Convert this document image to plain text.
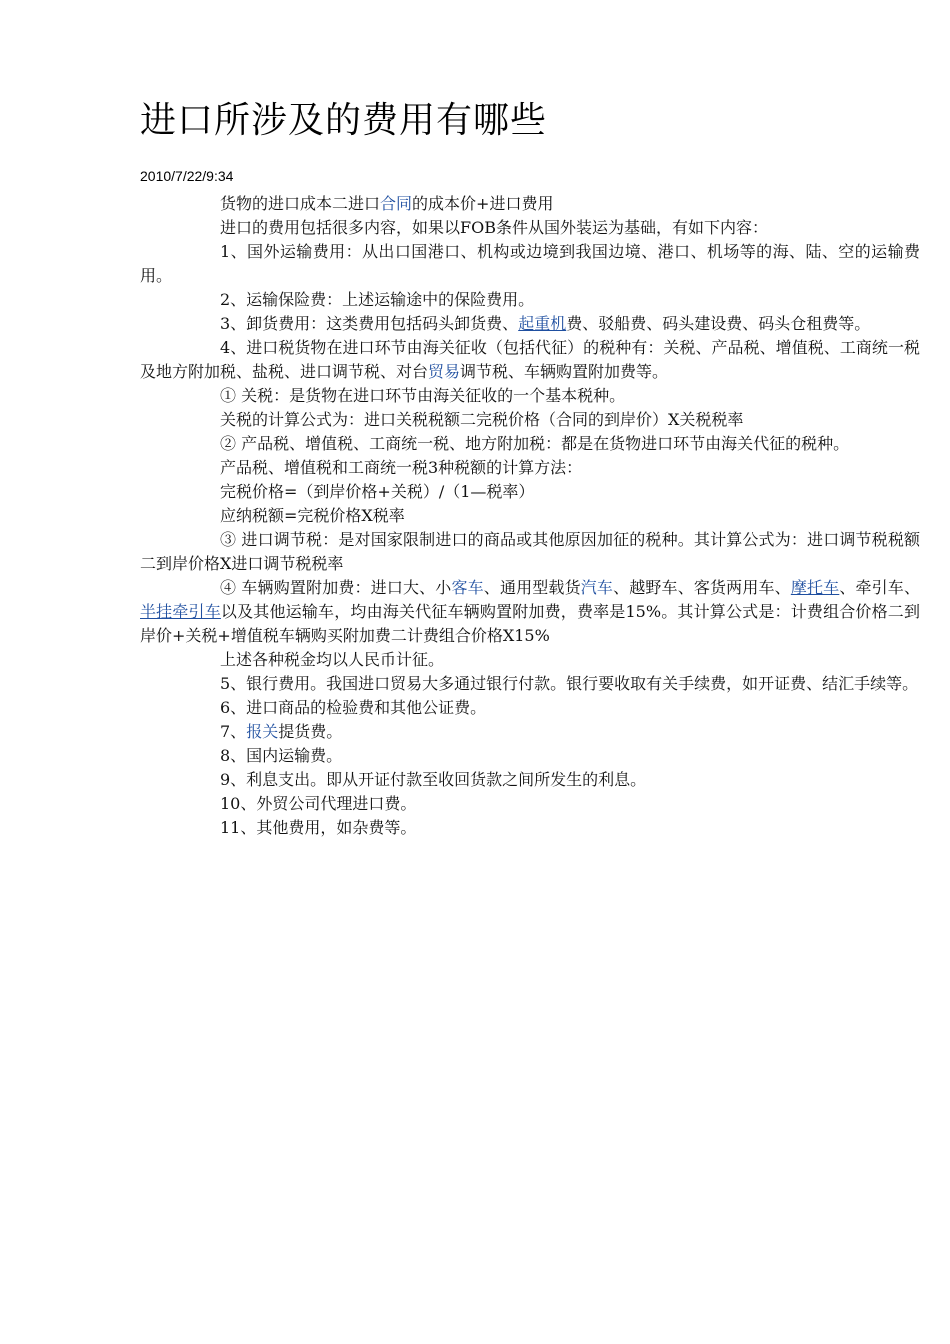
进口所涉及的费用有哪些
2010/7/22/9:34

货物的进口成本二进口合同的成本价+进口费用

进口的费用包括很多内容，如果以FOB条件从国外装运为基础，有如下内容：

1、国外运输费用：从出口国港口、机构或边境到我国边境、港口、机场等的海、陆、空的运输费用。

2、运输保险费：上述运输途中的保险费用。

3、卸货费用：这类费用包括码头卸货费、起重机费、驳船费、码头建设费、码头仓租费等。

4、进口税货物在进口环节由海关征收（包括代征）的税种有：关税、产品税、增值税、工商统一税及地方附加税、盐税、进口调节税、对台贸易调节税、车辆购置附加费等。

① 关税：是货物在进口环节由海关征收的一个基本税种。

关税的计算公式为：进口关税税额二完税价格（合同的到岸价）X关税税率

② 产品税、增值税、工商统一税、地方附加税：都是在货物进口环节由海关代征的税种。

产品税、增值税和工商统一税3种税额的计算方法：

完税价格=（到岸价格+关税）/（1—税率）

应纳税额=完税价格X税率

③ 进口调节税：是对国家限制进口的商品或其他原因加征的税种。其计算公式为：进口调节税税额二到岸价格X进口调节税税率

④ 车辆购置附加费：进口大、小客车、通用型载货汽车、越野车、客货两用车、摩托车、牵引车、半挂牵引车以及其他运输车，均由海关代征车辆购置附加费，费率是15%。其计算公式是：计费组合价格二到岸价+关税+增值税车辆购买附加费二计费组合价格X15%

上述各种税金均以人民币计征。

5、银行费用。我国进口贸易大多通过银行付款。银行要收取有关手续费，如开证费、结汇手续等。

6、进口商品的检验费和其他公证费。

7、报关提货费。

8、国内运输费。

9、利息支出。即从开证付款至收回货款之间所发生的利息。

10、外贸公司代理进口费。

11、其他费用，如杂费等。
